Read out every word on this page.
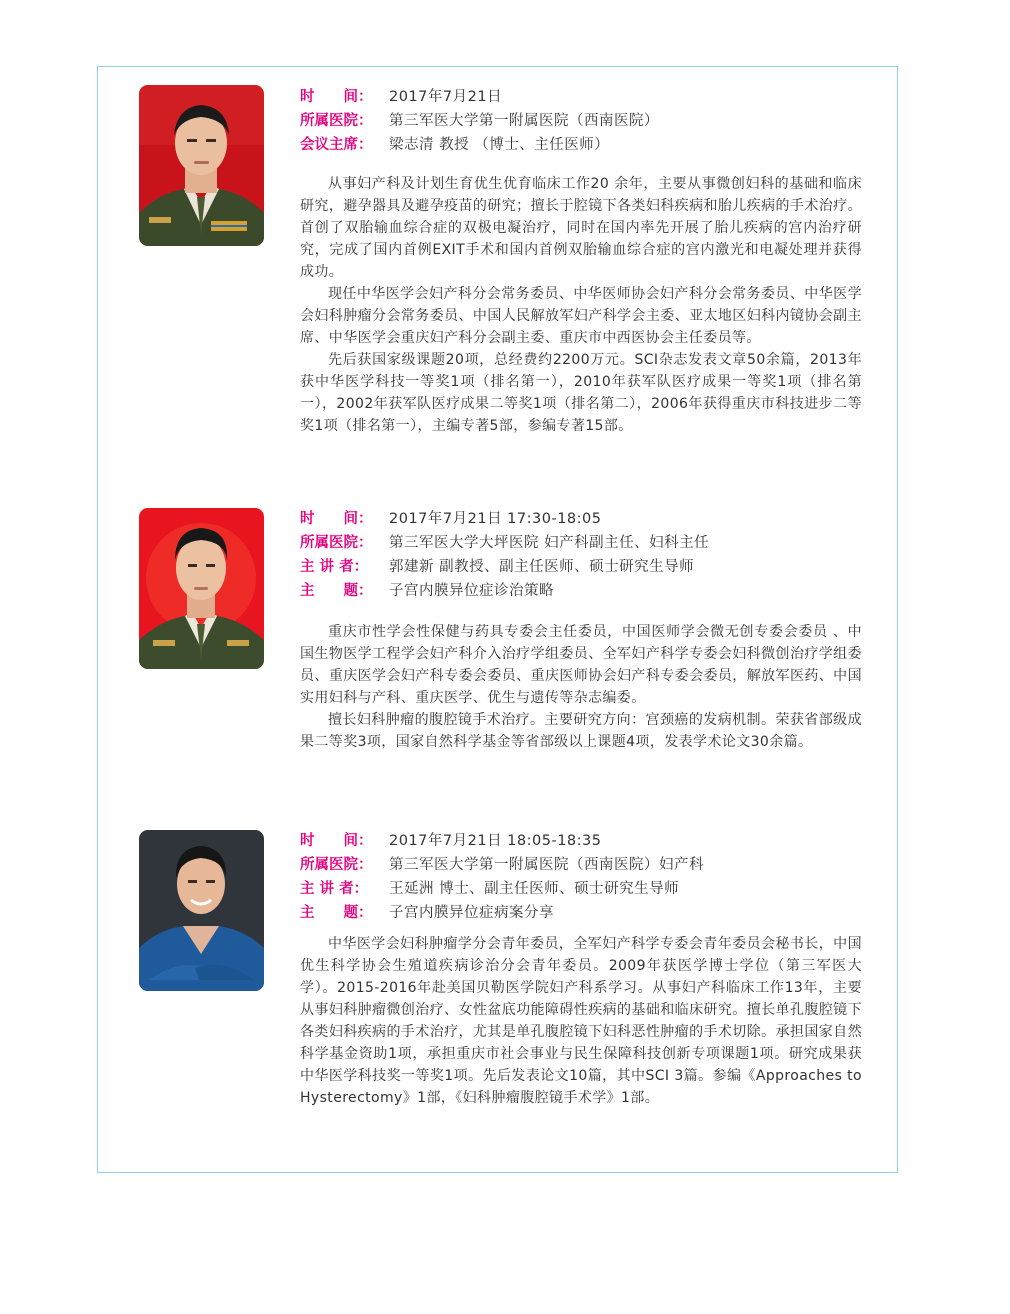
时　　间： 2017年7月21日
所属医院： 第三军医大学第一附属医院（西南医院）
会议主席： 梁志清 教授 （博士、主任医师）

从事妇产科及计划生育优生优育临床工作20 余年，主要从事微创妇科的基础和临床研究，避孕器具及避孕疫苗的研究；擅长于腔镜下各类妇科疾病和胎儿疾病的手术治疗。首创了双胎输血综合症的双极电凝治疗，同时在国内率先开展了胎儿疾病的宫内治疗研究，完成了国内首例EXIT手术和国内首例双胎输血综合症的宫内激光和电凝处理并获得成功。

现任中华医学会妇产科分会常务委员、中华医师协会妇产科分会常务委员、中华医学会妇科肿瘤分会常务委员、中国人民解放军妇产科学会主委、亚太地区妇科内镜协会副主席、中华医学会重庆妇产科分会副主委、重庆市中西医协会主任委员等。

先后获国家级课题20项，总经费约2200万元。SCI杂志发表文章50余篇，2013年获中华医学科技一等奖1项（排名第一），2010年获军队医疗成果一等奖1项（排名第一），2002年获军队医疗成果二等奖1项（排名第二），2006年获得重庆市科技进步二等奖1项（排名第一），主编专著5部，参编专著15部。

时　　间： 2017年7月21日 17:30-18:05
所属医院： 第三军医大学大坪医院 妇产科副主任、妇科主任
主 讲 者： 郭建新 副教授、副主任医师、硕士研究生导师
主　　题： 子宫内膜异位症诊治策略

重庆市性学会性保健与药具专委会主任委员，中国医师学会微无创专委会委员 、中国生物医学工程学会妇产科介入治疗学组委员、全军妇产科学专委会妇科微创治疗学组委员、重庆医学会妇产科专委会委员、重庆医师协会妇产科专委会委员，解放军医药、中国实用妇科与产科、重庆医学、优生与遗传等杂志编委。

擅长妇科肿瘤的腹腔镜手术治疗。主要研究方向：宫颈癌的发病机制。荣获省部级成果二等奖3项，国家自然科学基金等省部级以上课题4项，发表学术论文30余篇。

时　　间： 2017年7月21日 18:05-18:35
所属医院： 第三军医大学第一附属医院（西南医院）妇产科
主 讲 者： 王延洲 博士、副主任医师、硕士研究生导师
主　　题： 子宫内膜异位症病案分享

中华医学会妇科肿瘤学分会青年委员，全军妇产科学专委会青年委员会秘书长，中国优生科学协会生殖道疾病诊治分会青年委员。2009年获医学博士学位（第三军医大学）。2015-2016年赴美国贝勒医学院妇产科系学习。从事妇产科临床工作13年，主要从事妇科肿瘤微创治疗、女性盆底功能障碍性疾病的基础和临床研究。擅长单孔腹腔镜下各类妇科疾病的手术治疗，尤其是单孔腹腔镜下妇科恶性肿瘤的手术切除。承担国家自然科学基金资助1项，承担重庆市社会事业与民生保障科技创新专项课题1项。研究成果获中华医学科技奖一等奖1项。先后发表论文10篇，其中SCI 3篇。参编《Approaches to Hysterectomy》1部，《妇科肿瘤腹腔镜手术学》1部。
